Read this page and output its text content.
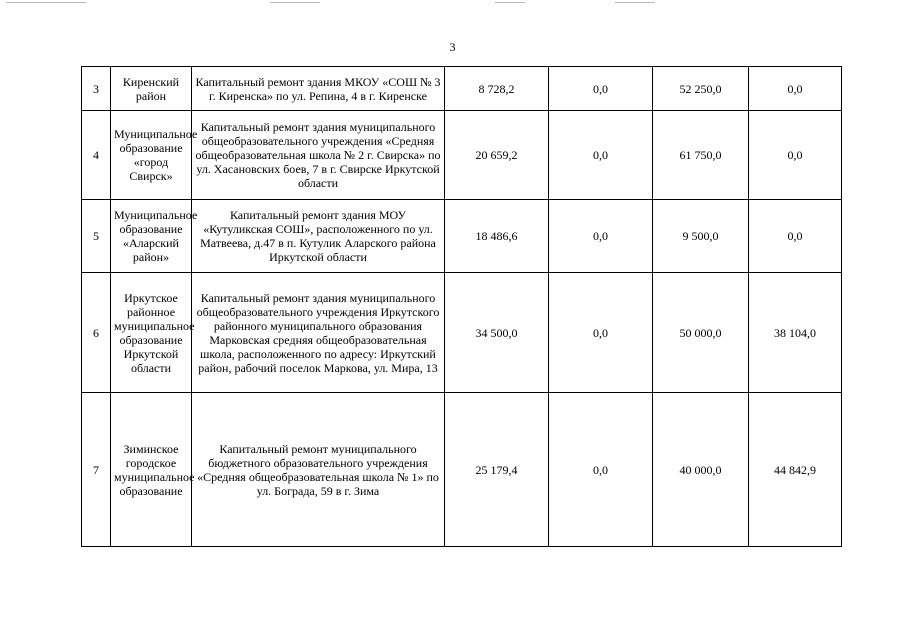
3
3	Киренский район	Капитальный ремонт здания МКОУ «СОШ № 3 г. Киренска» по ул. Репина, 4 в г. Киренске	8 728,2	0,0	52 250,0	0,0
4	Муниципальное образование «город Свирск»	Капитальный ремонт здания муниципального общеобразовательного учреждения «Средняя общеобразовательная школа № 2 г. Свирска» по ул. Хасановских боев, 7 в г. Свирске Иркутской области	20 659,2	0,0	61 750,0	0,0
5	Муниципальное образование «Аларский район»	Капитальный ремонт здания МОУ «Кутуликская СОШ», расположенного по ул. Матвеева, д.47 в п. Кутулик Аларского района Иркутской области	18 486,6	0,0	9 500,0	0,0
6	Иркутское районное муниципальное образование Иркутской области	Капитальный ремонт здания муниципального общеобразовательного учреждения Иркутского районного муниципального образования Марковская средняя общеобразовательная школа, расположенного по адресу: Иркутский район, рабочий поселок Маркова, ул. Мира, 13	34 500,0	0,0	50 000,0	38 104,0
7	Зиминское городское муниципальное образование	Капитальный ремонт муниципального бюджетного образовательного учреждения «Средняя общеобразовательная школа № 1» по ул. Бограда, 59 в г. Зима	25 179,4	0,0	40 000,0	44 842,9
